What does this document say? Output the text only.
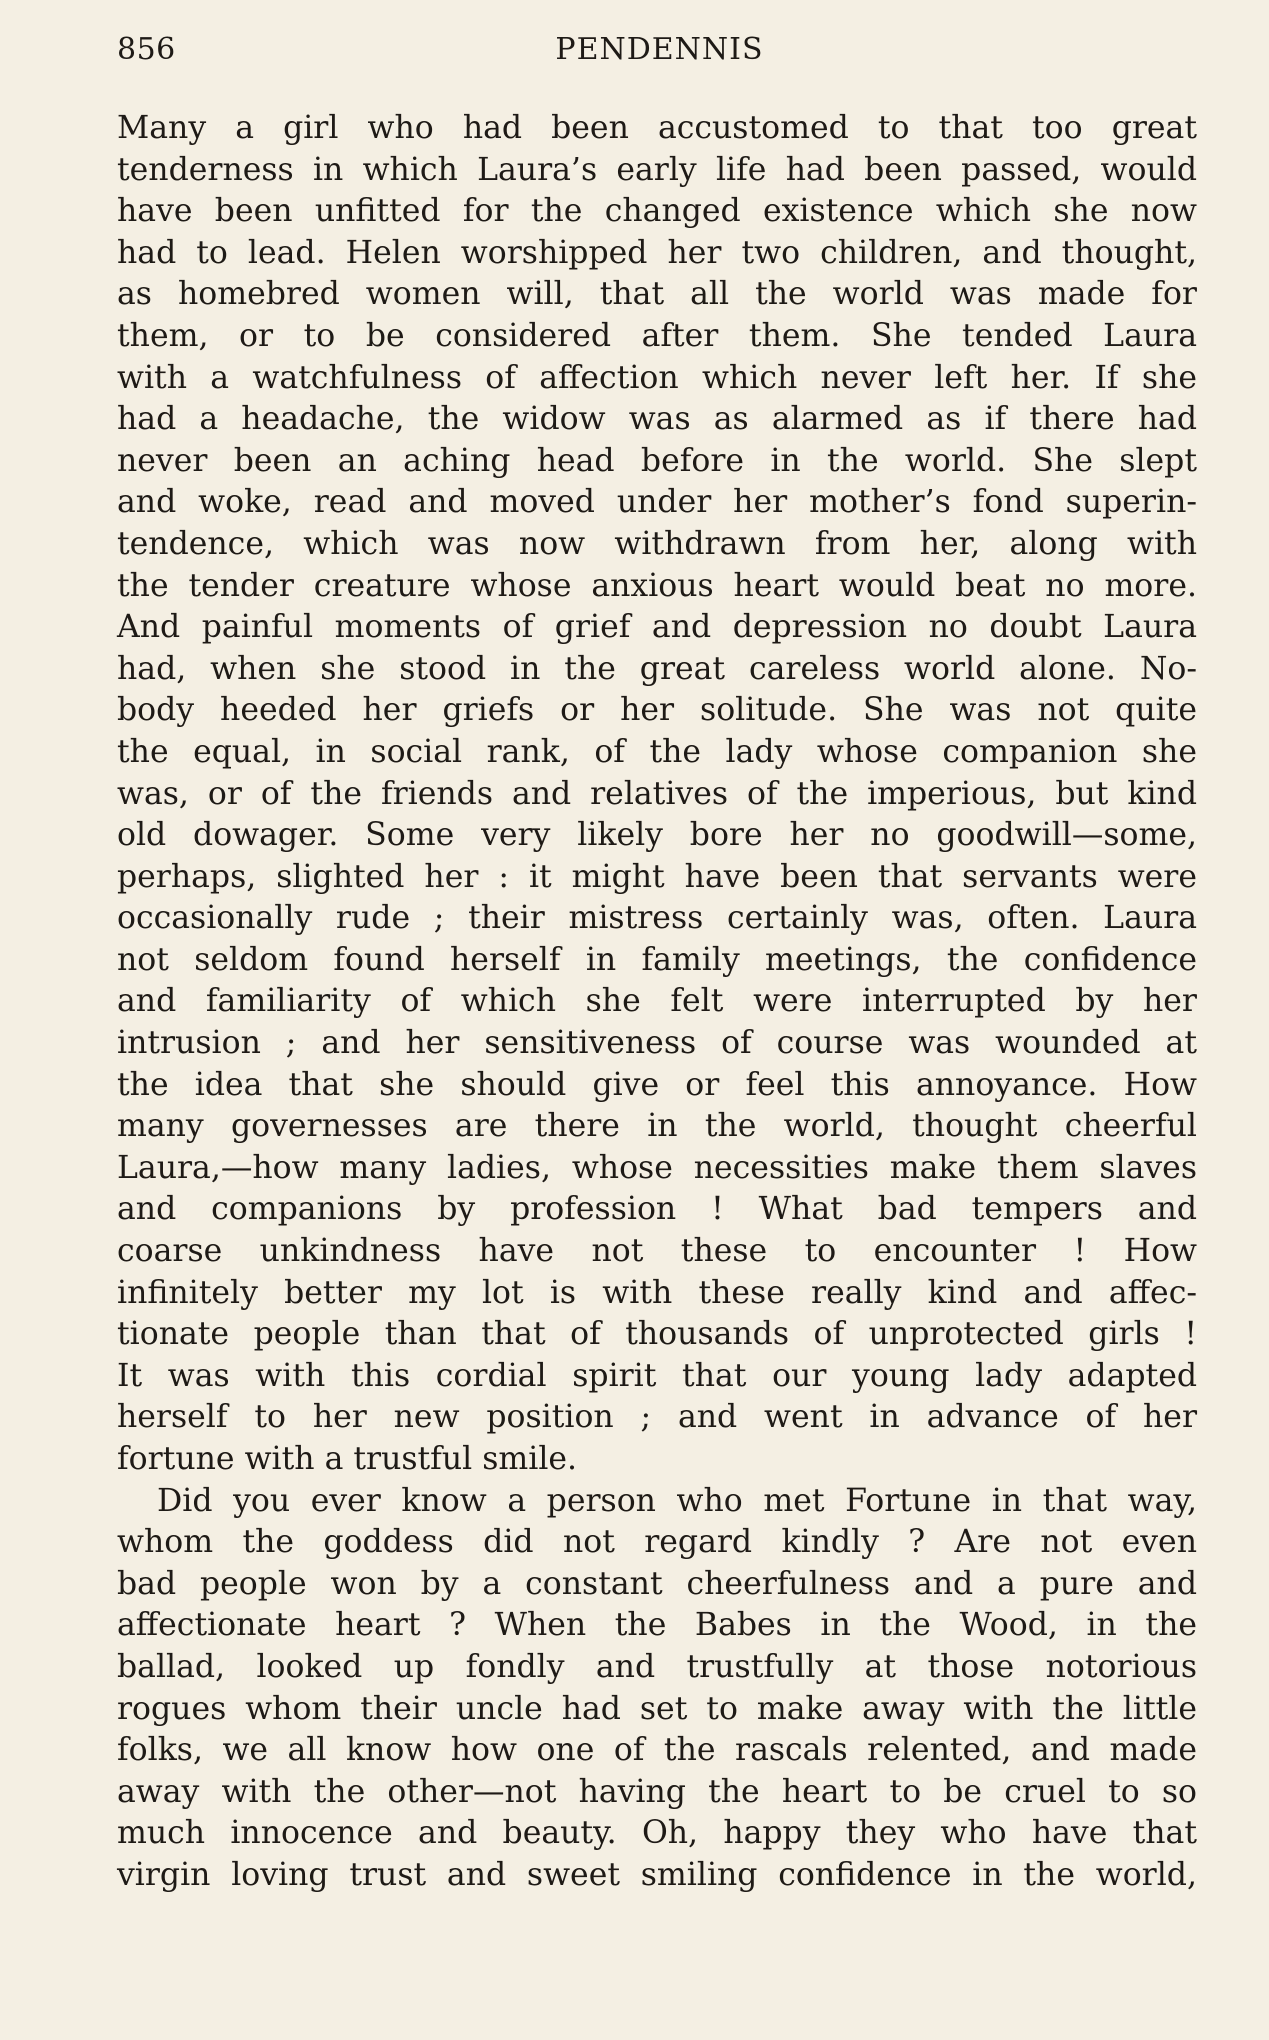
856	PENDENNIS

Many a girl who had been accustomed to that too great
tenderness in which Laura’s early life had been passed, would
have been unfitted for the changed existence which she now
had to lead. Helen worshipped her two children, and thought,
as homebred women will, that all the world was made for
them, or to be considered after them. She tended Laura
with a watchfulness of affection which never left her. If she
had a headache, the widow was as alarmed as if there had
never been an aching head before in the world. She slept
and woke, read and moved under her mother’s fond superin-
tendence, which was now withdrawn from her, along with
the tender creature whose anxious heart would beat no more.
And painful moments of grief and depression no doubt Laura
had, when she stood in the great careless world alone. No-
body heeded her griefs or her solitude. She was not quite
the equal, in social rank, of the lady whose companion she
was, or of the friends and relatives of the imperious, but kind
old dowager. Some very likely bore her no goodwill—some,
perhaps, slighted her : it might have been that servants were
occasionally rude ; their mistress certainly was, often. Laura
not seldom found herself in family meetings, the confidence
and familiarity of which she felt were interrupted by her
intrusion ; and her sensitiveness of course was wounded at
the idea that she should give or feel this annoyance. How
many governesses are there in the world, thought cheerful
Laura,—how many ladies, whose necessities make them slaves
and companions by profession ! What bad tempers and
coarse unkindness have not these to encounter ! How
infinitely better my lot is with these really kind and affec-
tionate people than that of thousands of unprotected girls !
It was with this cordial spirit that our young lady adapted
herself to her new position ; and went in advance of her
fortune with a trustful smile.

Did you ever know a person who met Fortune in that way,
whom the goddess did not regard kindly ? Are not even
bad people won by a constant cheerfulness and a pure and
affectionate heart ? When the Babes in the Wood, in the
ballad, looked up fondly and trustfully at those notorious
rogues whom their uncle had set to make away with the little
folks, we all know how one of the rascals relented, and made
away with the other—not having the heart to be cruel to so
much innocence and beauty. Oh, happy they who have that
virgin loving trust and sweet smiling confidence in the world,
